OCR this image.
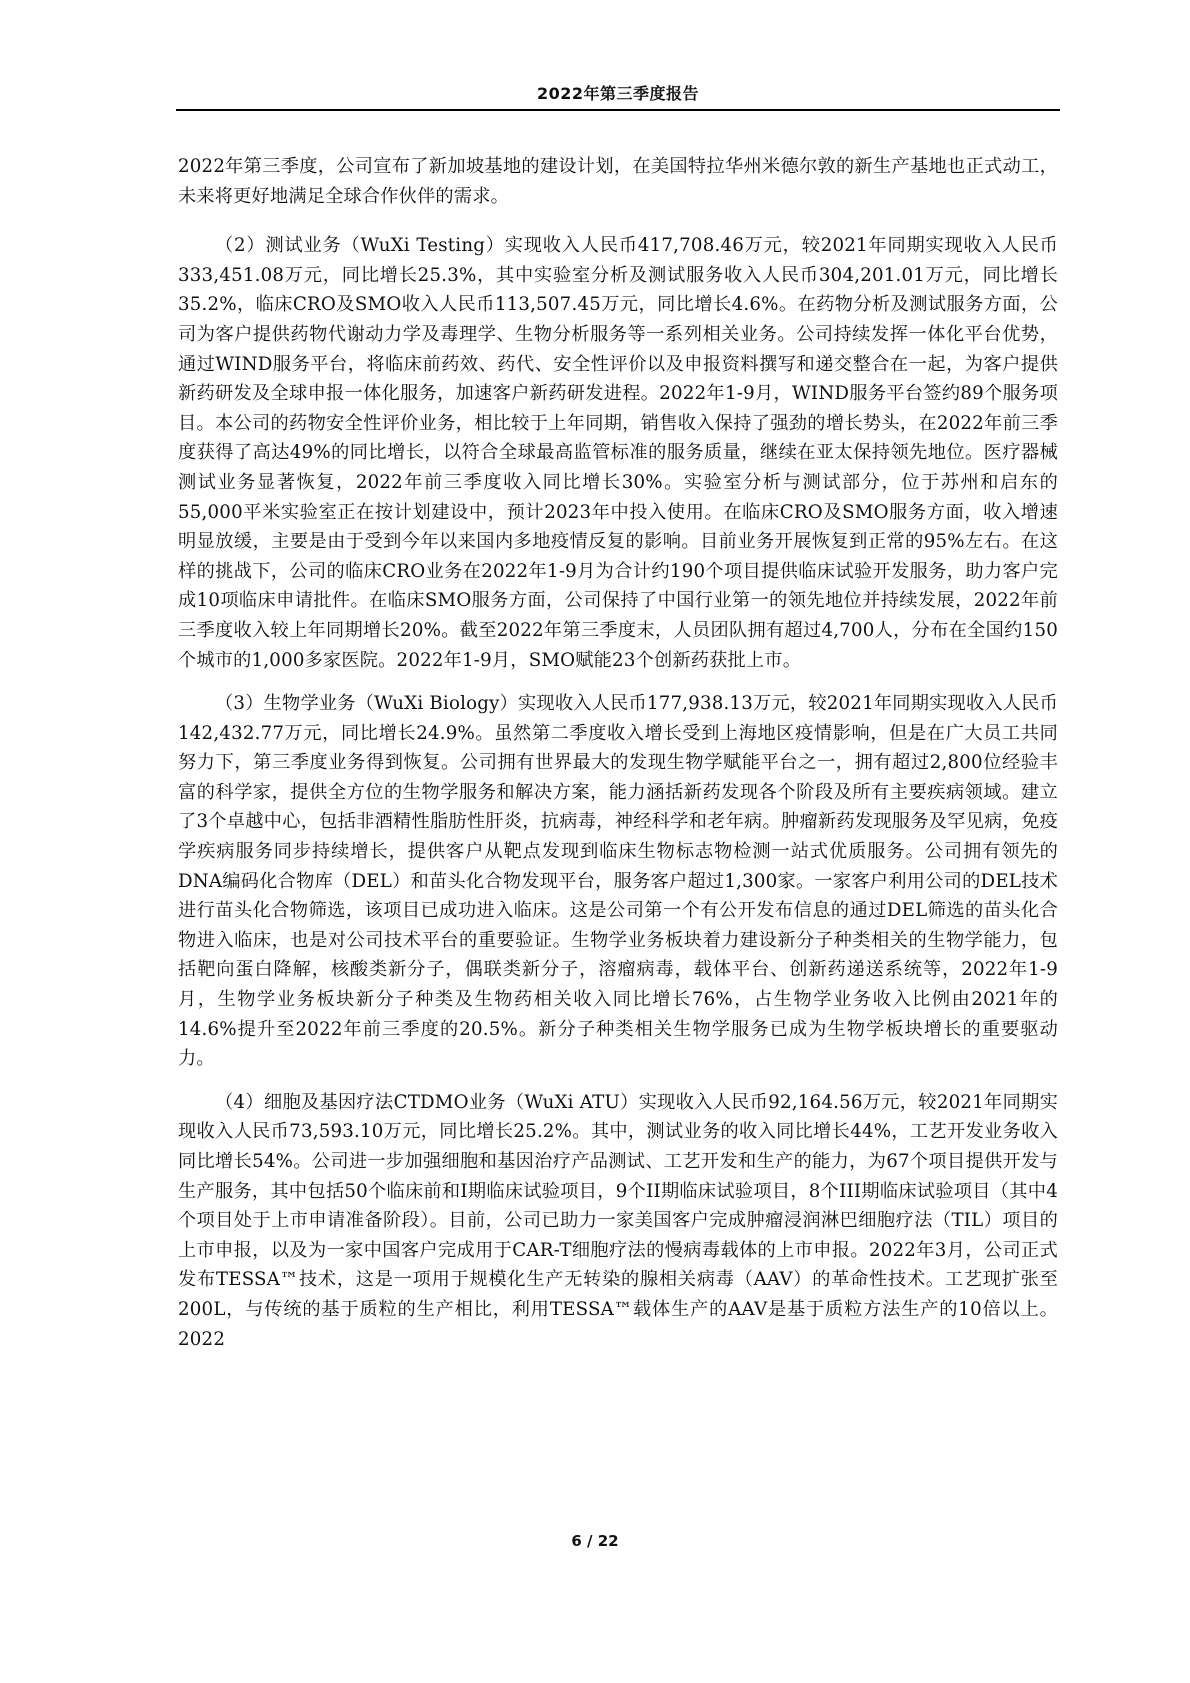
2022年第三季度报告

2022年第三季度，公司宣布了新加坡基地的建设计划，在美国特拉华州米德尔敦的新生产基地也正式动工，未来将更好地满足全球合作伙伴的需求。

（2）测试业务（WuXi Testing）实现收入人民币417,708.46万元，较2021年同期实现收入人民币333,451.08万元，同比增长25.3%，其中实验室分析及测试服务收入人民币304,201.01万元，同比增长35.2%，临床CRO及SMO收入人民币113,507.45万元，同比增长4.6%。在药物分析及测试服务方面，公司为客户提供药物代谢动力学及毒理学、生物分析服务等一系列相关业务。公司持续发挥一体化平台优势，通过WIND服务平台，将临床前药效、药代、安全性评价以及申报资料撰写和递交整合在一起，为客户提供新药研发及全球申报一体化服务，加速客户新药研发进程。2022年1-9月，WIND服务平台签约89个服务项目。本公司的药物安全性评价业务，相比较于上年同期，销售收入保持了强劲的增长势头，在2022年前三季度获得了高达49%的同比增长，以符合全球最高监管标准的服务质量，继续在亚太保持领先地位。医疗器械测试业务显著恢复，2022年前三季度收入同比增长30%。实验室分析与测试部分，位于苏州和启东的55,000平米实验室正在按计划建设中，预计2023年中投入使用。在临床CRO及SMO服务方面，收入增速明显放缓，主要是由于受到今年以来国内多地疫情反复的影响。目前业务开展恢复到正常的95%左右。在这样的挑战下，公司的临床CRO业务在2022年1-9月为合计约190个项目提供临床试验开发服务，助力客户完成10项临床申请批件。在临床SMO服务方面，公司保持了中国行业第一的领先地位并持续发展，2022年前三季度收入较上年同期增长20%。截至2022年第三季度末，人员团队拥有超过4,700人，分布在全国约150个城市的1,000多家医院。2022年1-9月，SMO赋能23个创新药获批上市。

（3）生物学业务（WuXi Biology）实现收入人民币177,938.13万元，较2021年同期实现收入人民币142,432.77万元，同比增长24.9%。虽然第二季度收入增长受到上海地区疫情影响，但是在广大员工共同努力下，第三季度业务得到恢复。公司拥有世界最大的发现生物学赋能平台之一，拥有超过2,800位经验丰富的科学家，提供全方位的生物学服务和解决方案，能力涵括新药发现各个阶段及所有主要疾病领域。建立了3个卓越中心，包括非酒精性脂肪性肝炎，抗病毒，神经科学和老年病。肿瘤新药发现服务及罕见病，免疫学疾病服务同步持续增长，提供客户从靶点发现到临床生物标志物检测一站式优质服务。公司拥有领先的DNA编码化合物库（DEL）和苗头化合物发现平台，服务客户超过1,300家。一家客户利用公司的DEL技术进行苗头化合物筛选，该项目已成功进入临床。这是公司第一个有公开发布信息的通过DEL筛选的苗头化合物进入临床，也是对公司技术平台的重要验证。生物学业务板块着力建设新分子种类相关的生物学能力，包括靶向蛋白降解，核酸类新分子，偶联类新分子，溶瘤病毒，载体平台、创新药递送系统等，2022年1-9月，生物学业务板块新分子种类及生物药相关收入同比增长76%，占生物学业务收入比例由2021年的14.6%提升至2022年前三季度的20.5%。新分子种类相关生物学服务已成为生物学板块增长的重要驱动力。

（4）细胞及基因疗法CTDMO业务（WuXi ATU）实现收入人民币92,164.56万元，较2021年同期实现收入人民币73,593.10万元，同比增长25.2%。其中，测试业务的收入同比增长44%，工艺开发业务收入同比增长54%。公司进一步加强细胞和基因治疗产品测试、工艺开发和生产的能力，为67个项目提供开发与生产服务，其中包括50个临床前和I期临床试验项目，9个II期临床试验项目，8个III期临床试验项目（其中4个项目处于上市申请准备阶段）。目前，公司已助力一家美国客户完成肿瘤浸润淋巴细胞疗法（TIL）项目的上市申报，以及为一家中国客户完成用于CAR-T细胞疗法的慢病毒载体的上市申报。2022年3月，公司正式发布TESSA™技术，这是一项用于规模化生产无转染的腺相关病毒（AAV）的革命性技术。工艺现扩张至200L，与传统的基于质粒的生产相比，利用TESSA™载体生产的AAV是基于质粒方法生产的10倍以上。2022

6 / 22
